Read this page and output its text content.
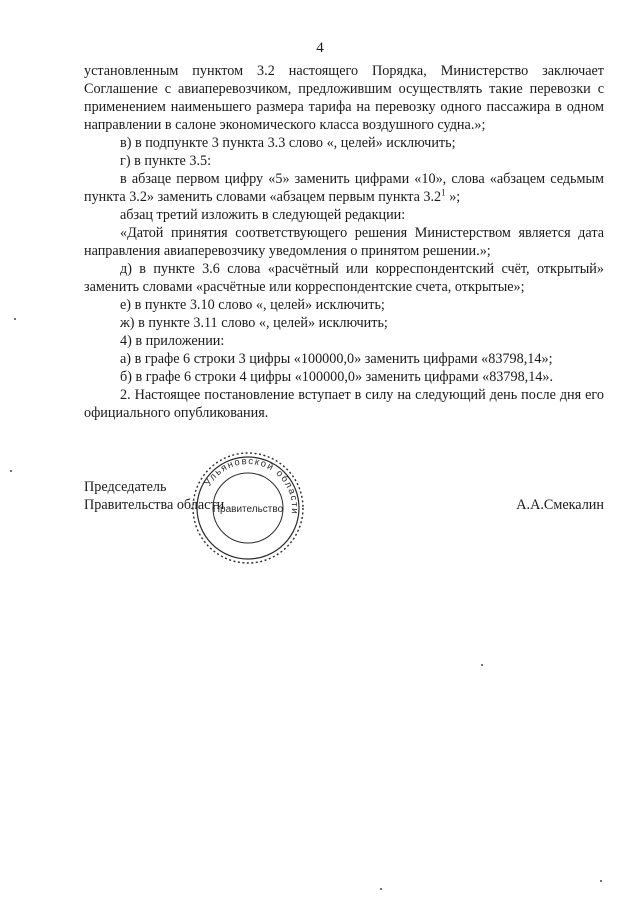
4

установленным пунктом 3.2 настоящего Порядка, Министерство заключает Соглашение с авиаперевозчиком, предложившим осуществлять такие перевозки с применением наименьшего размера тарифа на перевозку одного пассажира в одном направлении в салоне экономического класса воздушного судна.»;

в) в подпункте 3 пункта 3.3 слово «, целей» исключить;

г) в пункте 3.5:

в абзаце первом цифру «5» заменить цифрами «10», слова «абзацем седьмым пункта 3.2» заменить словами «абзацем первым пункта $3.2^1$ »;

абзац третий изложить в следующей редакции:

«Датой принятия соответствующего решения Министерством является дата направления авиаперевозчику уведомления о принятом решении.»;

д) в пункте 3.6 слова «расчётный или корреспондентский счёт, открытый» заменить словами «расчётные или корреспондентские счета, открытые»;

е) в пункте 3.10 слово «, целей» исключить;

ж) в пункте 3.11 слово «, целей» исключить;

4) в приложении:

а) в графе 6 строки 3 цифры «100000,0» заменить цифрами «83798,14»;

б) в графе 6 строки 4 цифры «100000,0» заменить цифрами «83798,14».

2. Настоящее постановление вступает в силу на следующий день после дня его официального опубликования.

Председатель
Правительства области	А.А.Смекалин
Ульяновской области
Правительство
